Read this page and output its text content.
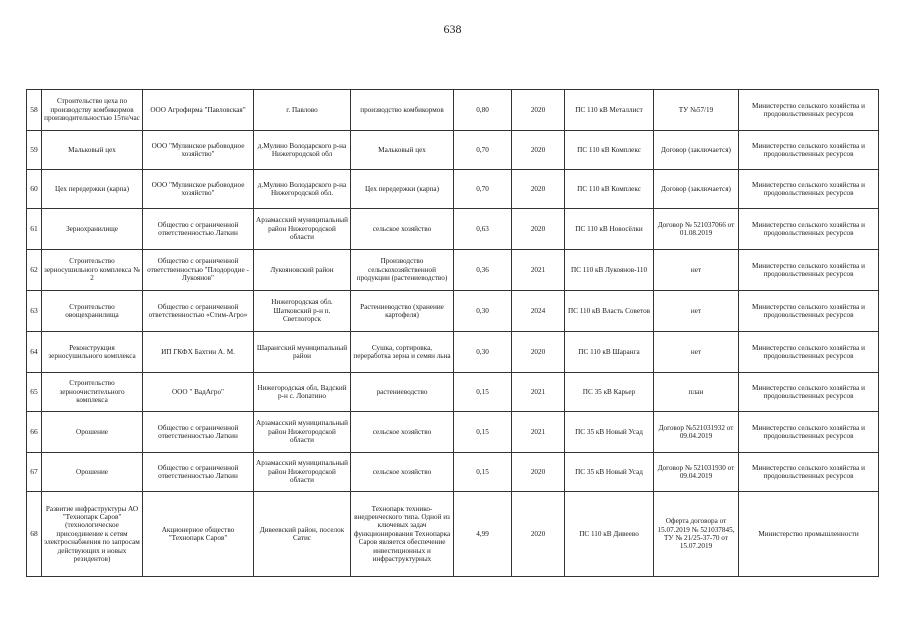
638
58	Строительство цеха по производству комбикормов производительностью 15тн/час	ООО Агрофирма "Павловская"	г. Павлово	производство комбикормов	0,80	2020	ПС 110 кВ Металлист	ТУ №57/19	Министерство сельского хозяйства и продовольственных ресурсов
59	Мальковый цех	ООО "Мулинское рыбоводное хозяйство"	д.Мулино Володарского р-на Нижегородской обл	Мальковый цех	0,70	2020	ПС 110 кВ Комплекс	Договор (заключается)	Министерство сельского хозяйства и продовольственных ресурсов
60	Цех передержки (карпа)	ООО "Мулинское рыбоводное хозяйство"	д.Мулино Володарского р-на Нижегородской обл.	Цех передержки (карпа)	0,70	2020	ПС 110 кВ Комплекс	Договор (заключается)	Министерство сельского хозяйства и продовольственных ресурсов
61	Зернохранилище	Общество с ограниченной ответственностью Латкин	Арзамасский муниципальный район Нижегородской области	сельское хозяйство	0,63	2020	ПС 110 кВ Новосёлки	Договор № 521037066 от 01.08.2019	Министерство сельского хозяйства и продовольственных ресурсов
62	Строительство зерносушильного комплекса № 2	Общество с ограниченной ответственностью "Плодородие - Лукоянов"	Лукояновский район	Производство сельскохозяйственной продукции (растениеводство)	0,36	2021	ПС 110 кВ Лукоянов-110	нет	Министерство сельского хозяйства и продовольственных ресурсов
63	Строительство овощехранилища	Общество с ограниченной ответственностью «Стим-Агро»	Нижегородская обл. Шатковский р-н п. Светлогорск	Растениеводство (хранение картофеля)	0,30	2024	ПС 110 кВ Власть Советов	нет	Министерство сельского хозяйства и продовольственных ресурсов
64	Реконструкция зерносушильного комплекса	ИП ГКФХ Бахтин А. М.	Шарангский муниципальный район	Сушка, сортировка, переработка зерна и семян льна	0,30	2020	ПС 110 кВ Шаранга	нет	Министерство сельского хозяйства и продовольственных ресурсов
65	Строительство зерноочистительного комплекса	ООО " ВадАгро"	Нижегородская обл, Вадский р-н с. Лопатино	растениеводство	0,15	2021	ПС 35 кВ Карьер	план	Министерство сельского хозяйства и продовольственных ресурсов
66	Орошение	Общество с ограниченной ответственностью Латкин	Арзамасский муниципальный район Нижегородской области	сельское хозяйство	0,15	2021	ПС 35 кВ Новый Усад	Договор №521031932 от 09.04.2019	Министерство сельского хозяйства и продовольственных ресурсов
67	Орошение	Общество с ограниченной ответственностью Латкин	Арзамасский муниципальный район Нижегородской области	сельское хозяйство	0,15	2020	ПС 35 кВ Новый Усад	Договор № 521031930 от 09.04.2019	Министерство сельского хозяйства и продовольственных ресурсов
68	Развитие инфраструктуры АО "Технопарк Саров" (технологическое присоединение к сетям электроснабжения по запросам действующих и новых резидентов)	Акционерное общество "Технопарк Саров"	Дивеевский район, поселок Сатис	Технопарк технико-внедренческого типа. Одной из ключевых задач функционирования Технопарка Саров является обеспечение инвестиционных и инфраструктурных	4,99	2020	ПС 110 кВ Дивеево	Оферта договора от 15.07.2019 № 521037845, ТУ № 21/25-37-70 от 15.07.2019	Министерство промышленности
